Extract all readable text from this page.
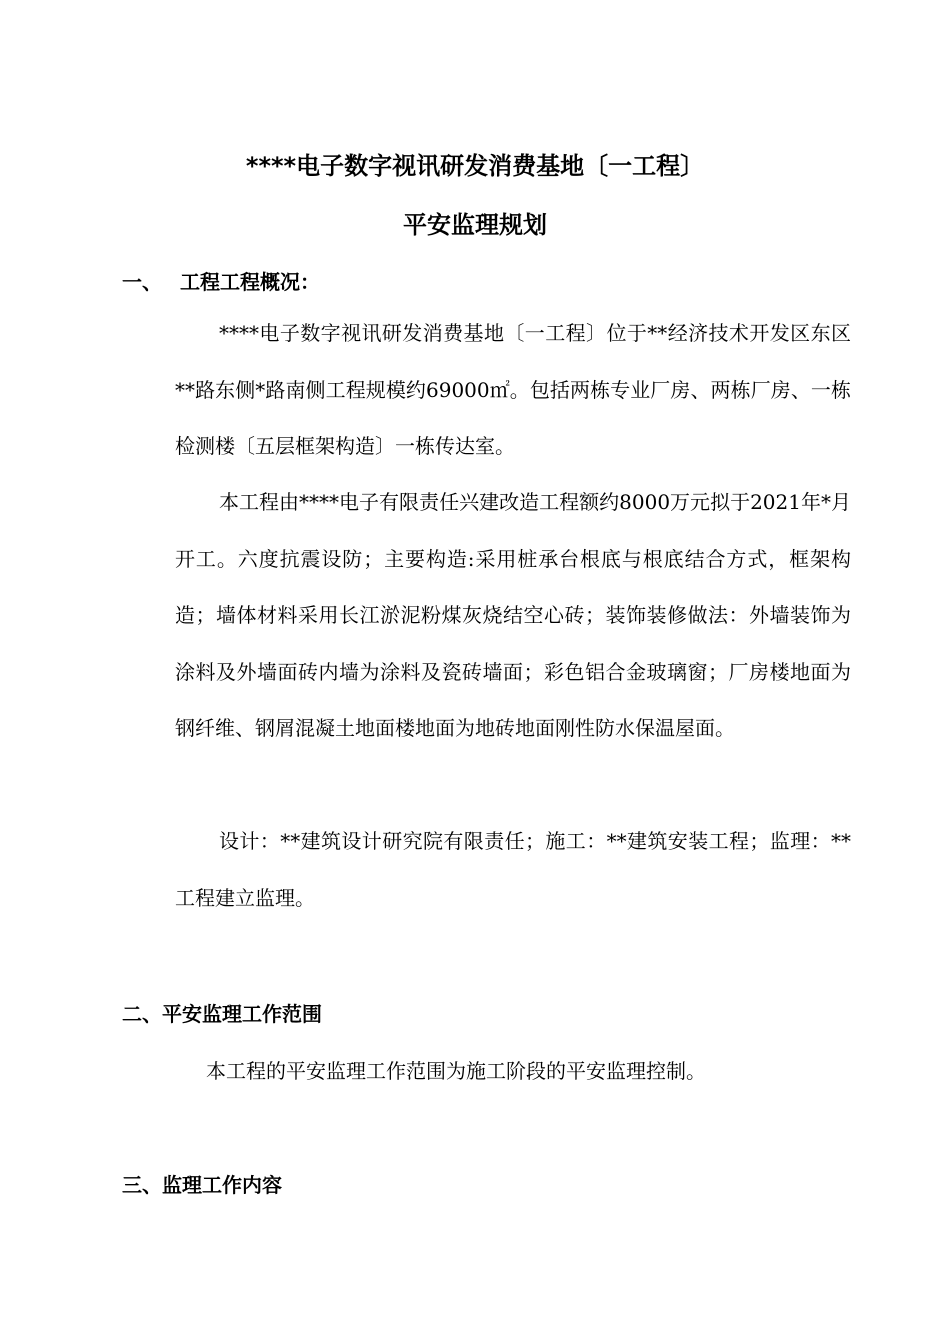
****电子数字视讯研发消费基地〔一工程〕
平安监理规划
一、 工程工程概况：

****电子数字视讯研发消费基地〔一工程〕位于**经济技术开发区东区**路东侧*路南侧工程规模约69000㎡。包括两栋专业厂房、两栋厂房、一栋检测楼〔五层框架构造〕一栋传达室。

本工程由****电子有限责任兴建改造工程额约8000万元拟于2021年*月开工。六度抗震设防；主要构造:采用桩承台根底与根底结合方式，框架构造；墙体材料采用长江淤泥粉煤灰烧结空心砖；装饰装修做法：外墙装饰为涂料及外墙面砖内墙为涂料及瓷砖墙面；彩色铝合金玻璃窗；厂房楼地面为钢纤维、钢屑混凝土地面楼地面为地砖地面刚性防水保温屋面。

设计：**建筑设计研究院有限责任；施工：**建筑安装工程；监理：**工程建立监理。

二、平安监理工作范围

本工程的平安监理工作范围为施工阶段的平安监理控制。

三、监理工作内容
